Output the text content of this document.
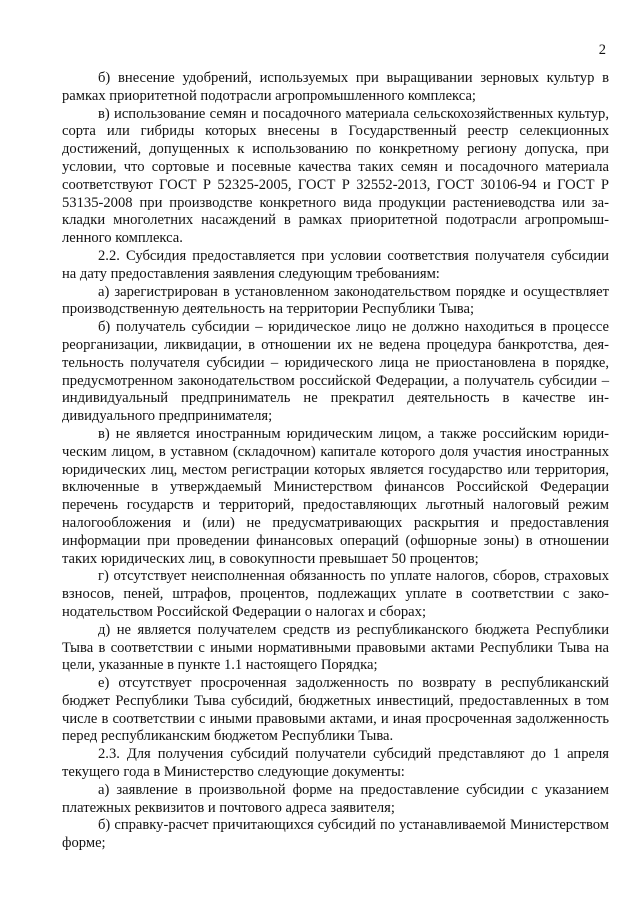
2

б) внесение удобрений, используемых при выращивании зерновых культур в рамках приоритетной подотрасли агропромышленного комплекса;

в) использование семян и посадочного материала сельскохозяйственных культур, сорта или гибриды которых внесены в Государственный реестр селекционных достижений, допущенных к использованию по конкретному региону допуска, при условии, что сортовые и посевные качества таких семян и посадочного материала соответствуют ГОСТ Р 52325-2005, ГОСТ Р 32552-2013, ГОСТ 30106-94 и ГОСТ Р 53135-2008 при производстве конкретного вида продукции растениеводства или закладки многолетних насаждений в рамках приоритетной подотрасли агропромышленного комплекса.

2.2. Субсидия предоставляется при условии соответствия получателя субсидии на дату предоставления заявления следующим требованиям:

а) зарегистрирован в установленном законодательством порядке и осуществляет производственную деятельность на территории Республики Тыва;

б) получатель субсидии – юридическое лицо не должно находиться в процессе реорганизации, ликвидации, в отношении их не ведена процедура банкротства, деятельность получателя субсидии – юридического лица не приостановлена в порядке, предусмотренном законодательством российской Федерации, а получатель субсидии – индивидуальный предприниматель не прекратил деятельность в качестве индивидуального предпринимателя;

в) не является иностранным юридическим лицом, а также российским юридическим лицом, в уставном (складочном) капитале которого доля участия иностранных юридических лиц, местом регистрации которых является государство или территория, включенные в утверждаемый Министерством финансов Российской Федерации перечень государств и территорий, предоставляющих льготный налоговый режим налогообложения и (или) не предусматривающих раскрытия и предоставления информации при проведении финансовых операций (офшорные зоны) в отношении таких юридических лиц, в совокупности превышает 50 процентов;

г) отсутствует неисполненная обязанность по уплате налогов, сборов, страховых взносов, пеней, штрафов, процентов, подлежащих уплате в соответствии с законодательством Российской Федерации о налогах и сборах;

д) не является получателем средств из республиканского бюджета Республики Тыва в соответствии с иными нормативными правовыми актами Республики Тыва на цели, указанные в пункте 1.1 настоящего Порядка;

е) отсутствует просроченная задолженность по возврату в республиканский бюджет Республики Тыва субсидий, бюджетных инвестиций, предоставленных в том числе в соответствии с иными правовыми актами, и иная просроченная задолженность перед республиканским бюджетом Республики Тыва.

2.3. Для получения субсидий получатели субсидий представляют до 1 апреля текущего года в Министерство следующие документы:

а) заявление в произвольной форме на предоставление субсидии с указанием платежных реквизитов и почтового адреса заявителя;

б) справку-расчет причитающихся субсидий по устанавливаемой Министерством форме;
